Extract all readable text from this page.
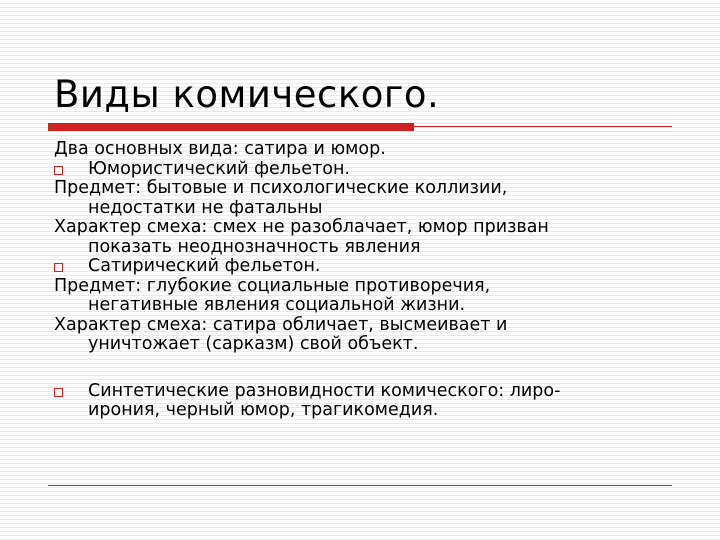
Виды комического.
Два основных вида: сатира и юмор.
Юмористический фельетон.
Предмет: бытовые и психологические коллизии,
недостатки не фатальны
Характер смеха: смех не разоблачает, юмор призван
показать неоднозначность явления
Сатирический фельетон.
Предмет: глубокие социальные противоречия,
негативные явления социальной жизни.
Характер смеха: сатира обличает, высмеивает и
уничтожает (сарказм) свой объект.
Синтетические разновидности комического: лиро-
ирония, черный юмор, трагикомедия.
